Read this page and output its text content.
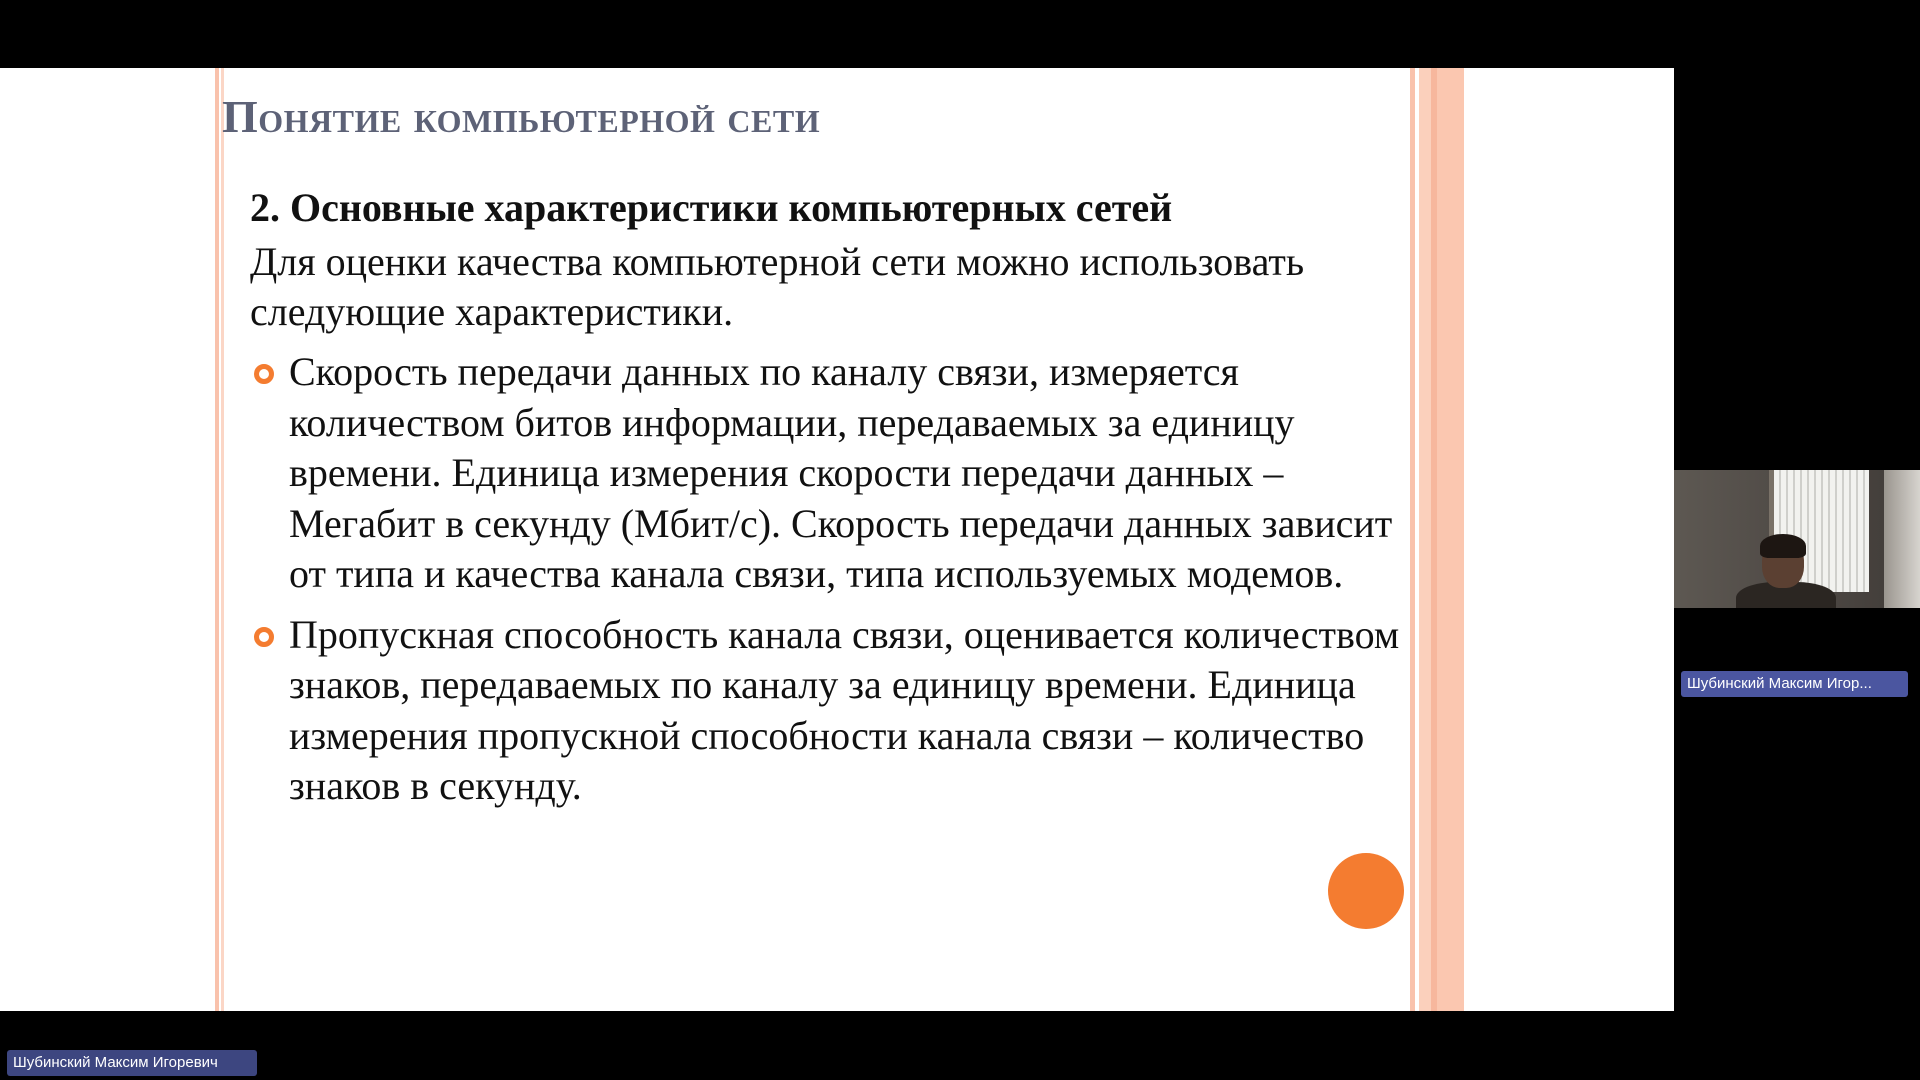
Понятие компьютерной сети
2. Основные характеристики компьютерных сетей
Для оценки качества компьютерной сети можно использовать следующие характеристики.
Скорость передачи данных по каналу связи, измеряется количеством битов информации, передаваемых за единицу времени. Единица измерения скорости передачи данных – Мегабит в секунду (Мбит/с). Скорость передачи данных зависит от типа и качества канала связи, типа используемых модемов.
Пропускная способность канала связи, оценивается количеством знаков, передаваемых по каналу за единицу времени. Единица измерения пропускной способности канала связи – количество знаков в секунду.
Шубинский Максим Игор...
Шубинский Максим Игоревич
